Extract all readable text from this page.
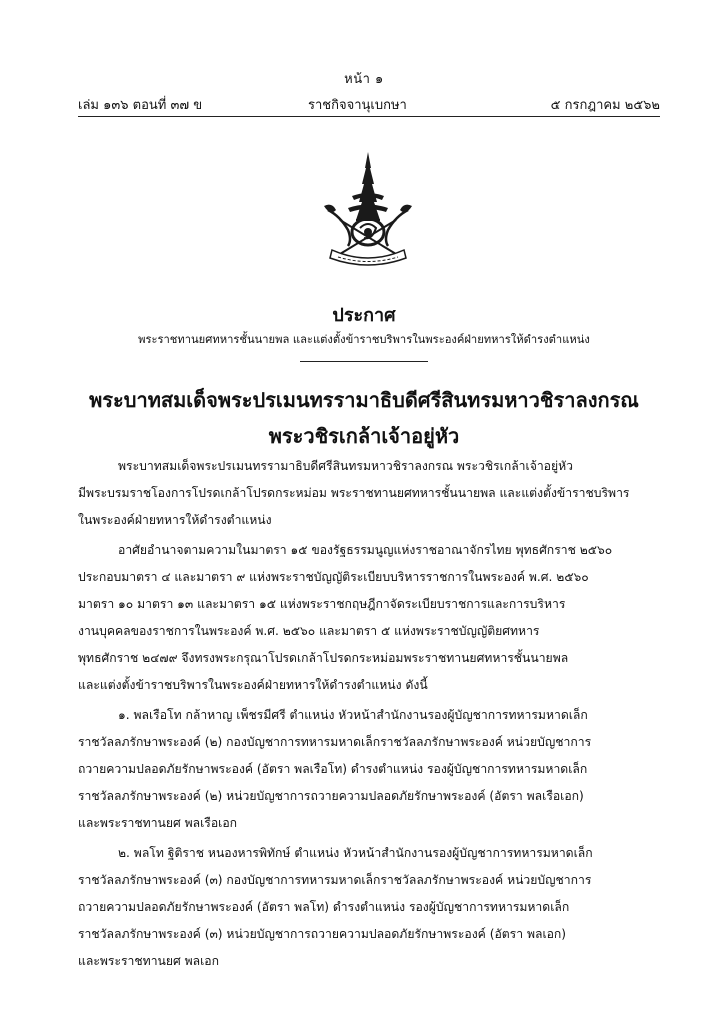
หน้า ๑
เล่ม ๑๓๖ ตอนที่ ๓๗ ข	ราชกิจจานุเบกษา	๕ กรกฎาคม ๒๕๖๒
ประกาศ
พระราชทานยศทหารชั้นนายพล และแต่งตั้งข้าราชบริพารในพระองค์ฝ่ายทหารให้ดำรงตำแหน่ง
พระบาทสมเด็จพระปรเมนทรรามาธิบดีศรีสินทรมหาวชิราลงกรณ
พระวชิรเกล้าเจ้าอยู่หัว
พระบาทสมเด็จพระปรเมนทรรามาธิบดีศรีสินทรมหาวชิราลงกรณ พระวชิรเกล้าเจ้าอยู่หัว
มีพระบรมราชโองการโปรดเกล้าโปรดกระหม่อม พระราชทานยศทหารชั้นนายพล และแต่งตั้งข้าราชบริพาร
ในพระองค์ฝ่ายทหารให้ดำรงตำแหน่ง
อาศัยอำนาจตามความในมาตรา ๑๕ ของรัฐธรรมนูญแห่งราชอาณาจักรไทย พุทธศักราช ๒๕๖๐
ประกอบมาตรา ๔ และมาตรา ๙ แห่งพระราชบัญญัติระเบียบบริหารราชการในพระองค์ พ.ศ. ๒๕๖๐
มาตรา ๑๐ มาตรา ๑๓ และมาตรา ๑๕ แห่งพระราชกฤษฎีกาจัดระเบียบราชการและการบริหาร
งานบุคคลของราชการในพระองค์ พ.ศ. ๒๕๖๐ และมาตรา ๕ แห่งพระราชบัญญัติยศทหาร
พุทธศักราช ๒๔๗๙ จึงทรงพระกรุณาโปรดเกล้าโปรดกระหม่อมพระราชทานยศทหารชั้นนายพล
และแต่งตั้งข้าราชบริพารในพระองค์ฝ่ายทหารให้ดำรงตำแหน่ง ดังนี้
๑. พลเรือโท กล้าหาญ เพ็ชรมีศรี ตำแหน่ง หัวหน้าสำนักงานรองผู้บัญชาการทหารมหาดเล็ก
ราชวัลลภรักษาพระองค์ (๒) กองบัญชาการทหารมหาดเล็กราชวัลลภรักษาพระองค์ หน่วยบัญชาการ
ถวายความปลอดภัยรักษาพระองค์ (อัตรา พลเรือโท) ดำรงตำแหน่ง รองผู้บัญชาการทหารมหาดเล็ก
ราชวัลลภรักษาพระองค์ (๒) หน่วยบัญชาการถวายความปลอดภัยรักษาพระองค์ (อัตรา พลเรือเอก)
และพระราชทานยศ พลเรือเอก
๒. พลโท ฐิติราช หนองหารพิทักษ์ ตำแหน่ง หัวหน้าสำนักงานรองผู้บัญชาการทหารมหาดเล็ก
ราชวัลลภรักษาพระองค์ (๓) กองบัญชาการทหารมหาดเล็กราชวัลลภรักษาพระองค์ หน่วยบัญชาการ
ถวายความปลอดภัยรักษาพระองค์ (อัตรา พลโท) ดำรงตำแหน่ง รองผู้บัญชาการทหารมหาดเล็ก
ราชวัลลภรักษาพระองค์ (๓) หน่วยบัญชาการถวายความปลอดภัยรักษาพระองค์ (อัตรา พลเอก)
และพระราชทานยศ พลเอก
